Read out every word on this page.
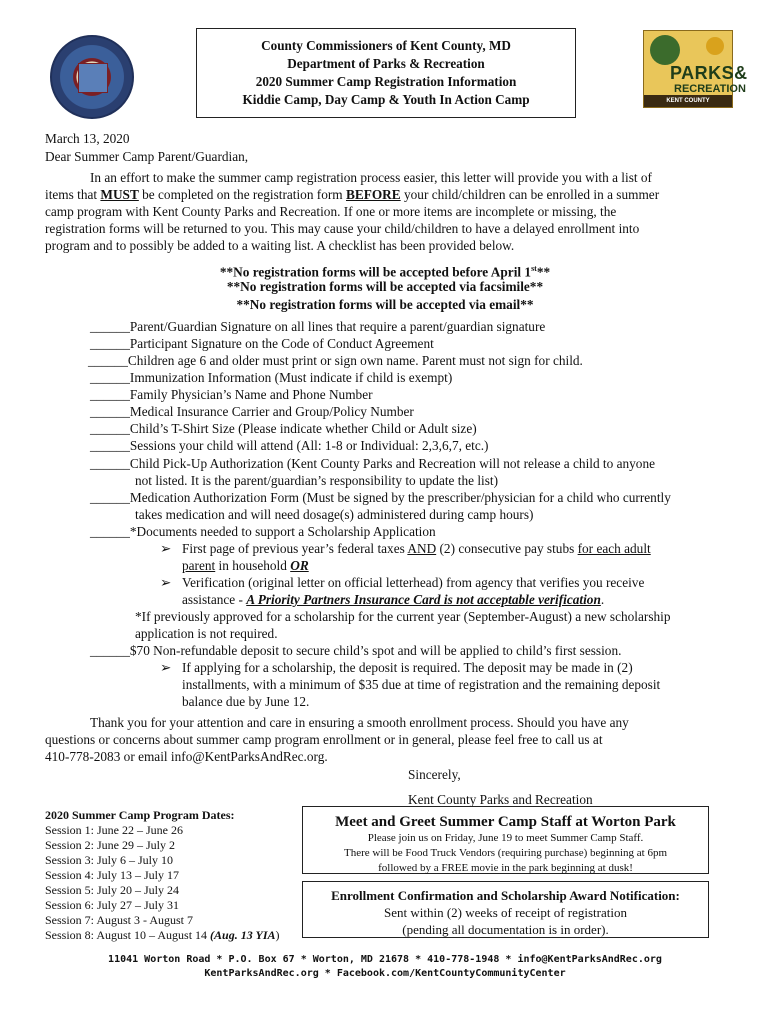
County Commissioners of Kent County, MD
Department of Parks & Recreation
2020 Summer Camp Registration Information
Kiddie Camp, Day Camp & Youth In Action Camp
PARKS&
RECREATION
KENT COUNTY
March 13, 2020
Dear Summer Camp Parent/Guardian,
In an effort to make the summer camp registration process easier, this letter will provide you with a list of
items that MUST be completed on the registration form BEFORE your child/children can be enrolled in a summer
camp program with Kent County Parks and Recreation. If one or more items are incomplete or missing, the
registration forms will be returned to you. This may cause your child/children to have a delayed enrollment into
program and to possibly be added to a waiting list. A checklist has been provided below.
**No registration forms will be accepted before April 1st**
**No registration forms will be accepted via facsimile**
**No registration forms will be accepted via email**
______Parent/Guardian Signature on all lines that require a parent/guardian signature
______Participant Signature on the Code of Conduct Agreement
______Children age 6 and older must print or sign own name. Parent must not sign for child.
______Immunization Information (Must indicate if child is exempt)
______Family Physician’s Name and Phone Number
______Medical Insurance Carrier and Group/Policy Number
______Child’s T-Shirt Size (Please indicate whether Child or Adult size)
______Sessions your child will attend (All: 1-8 or Individual: 2,3,6,7, etc.)
______Child Pick-Up Authorization (Kent County Parks and Recreation will not release a child to anyone
not listed. It is the parent/guardian’s responsibility to update the list)
______Medication Authorization Form (Must be signed by the prescriber/physician for a child who currently
takes medication and will need dosage(s) administered during camp hours)
______*Documents needed to support a Scholarship Application
➢ First page of previous year’s federal taxes AND (2) consecutive pay stubs for each adult
parent in household OR
➢ Verification (original letter on official letterhead) from agency that verifies you receive
assistance - A Priority Partners Insurance Card is not acceptable verification.
*If previously approved for a scholarship for the current year (September-August) a new scholarship
application is not required.
______$70 Non-refundable deposit to secure child’s spot and will be applied to child’s first session.
➢ If applying for a scholarship, the deposit is required. The deposit may be made in (2)
installments, with a minimum of $35 due at time of registration and the remaining deposit
balance due by June 12.
Thank you for your attention and care in ensuring a smooth enrollment process. Should you have any
questions or concerns about summer camp program enrollment or in general, please feel free to call us at
410-778-2083 or email info@KentParksAndRec.org.
Sincerely,
Kent County Parks and Recreation
2020 Summer Camp Program Dates:
Session 1: June 22 – June 26
Session 2: June 29 – July 2
Session 3: July 6 – July 10
Session 4: July 13 – July 17
Session 5: July 20 – July 24
Session 6: July 27 – July 31
Session 7: August 3 - August 7
Session 8: August 10 – August 14 (Aug. 13 YIA)
Meet and Greet Summer Camp Staff at Worton Park
Please join us on Friday, June 19 to meet Summer Camp Staff.
There will be Food Truck Vendors (requiring purchase) beginning at 6pm
followed by a FREE movie in the park beginning at dusk!
Enrollment Confirmation and Scholarship Award Notification:
Sent within (2) weeks of receipt of registration
(pending all documentation is in order).
11041 Worton Road * P.O. Box 67 * Worton, MD 21678 * 410-778-1948 * info@KentParksAndRec.org
KentParksAndRec.org * Facebook.com/KentCountyCommunityCenter
